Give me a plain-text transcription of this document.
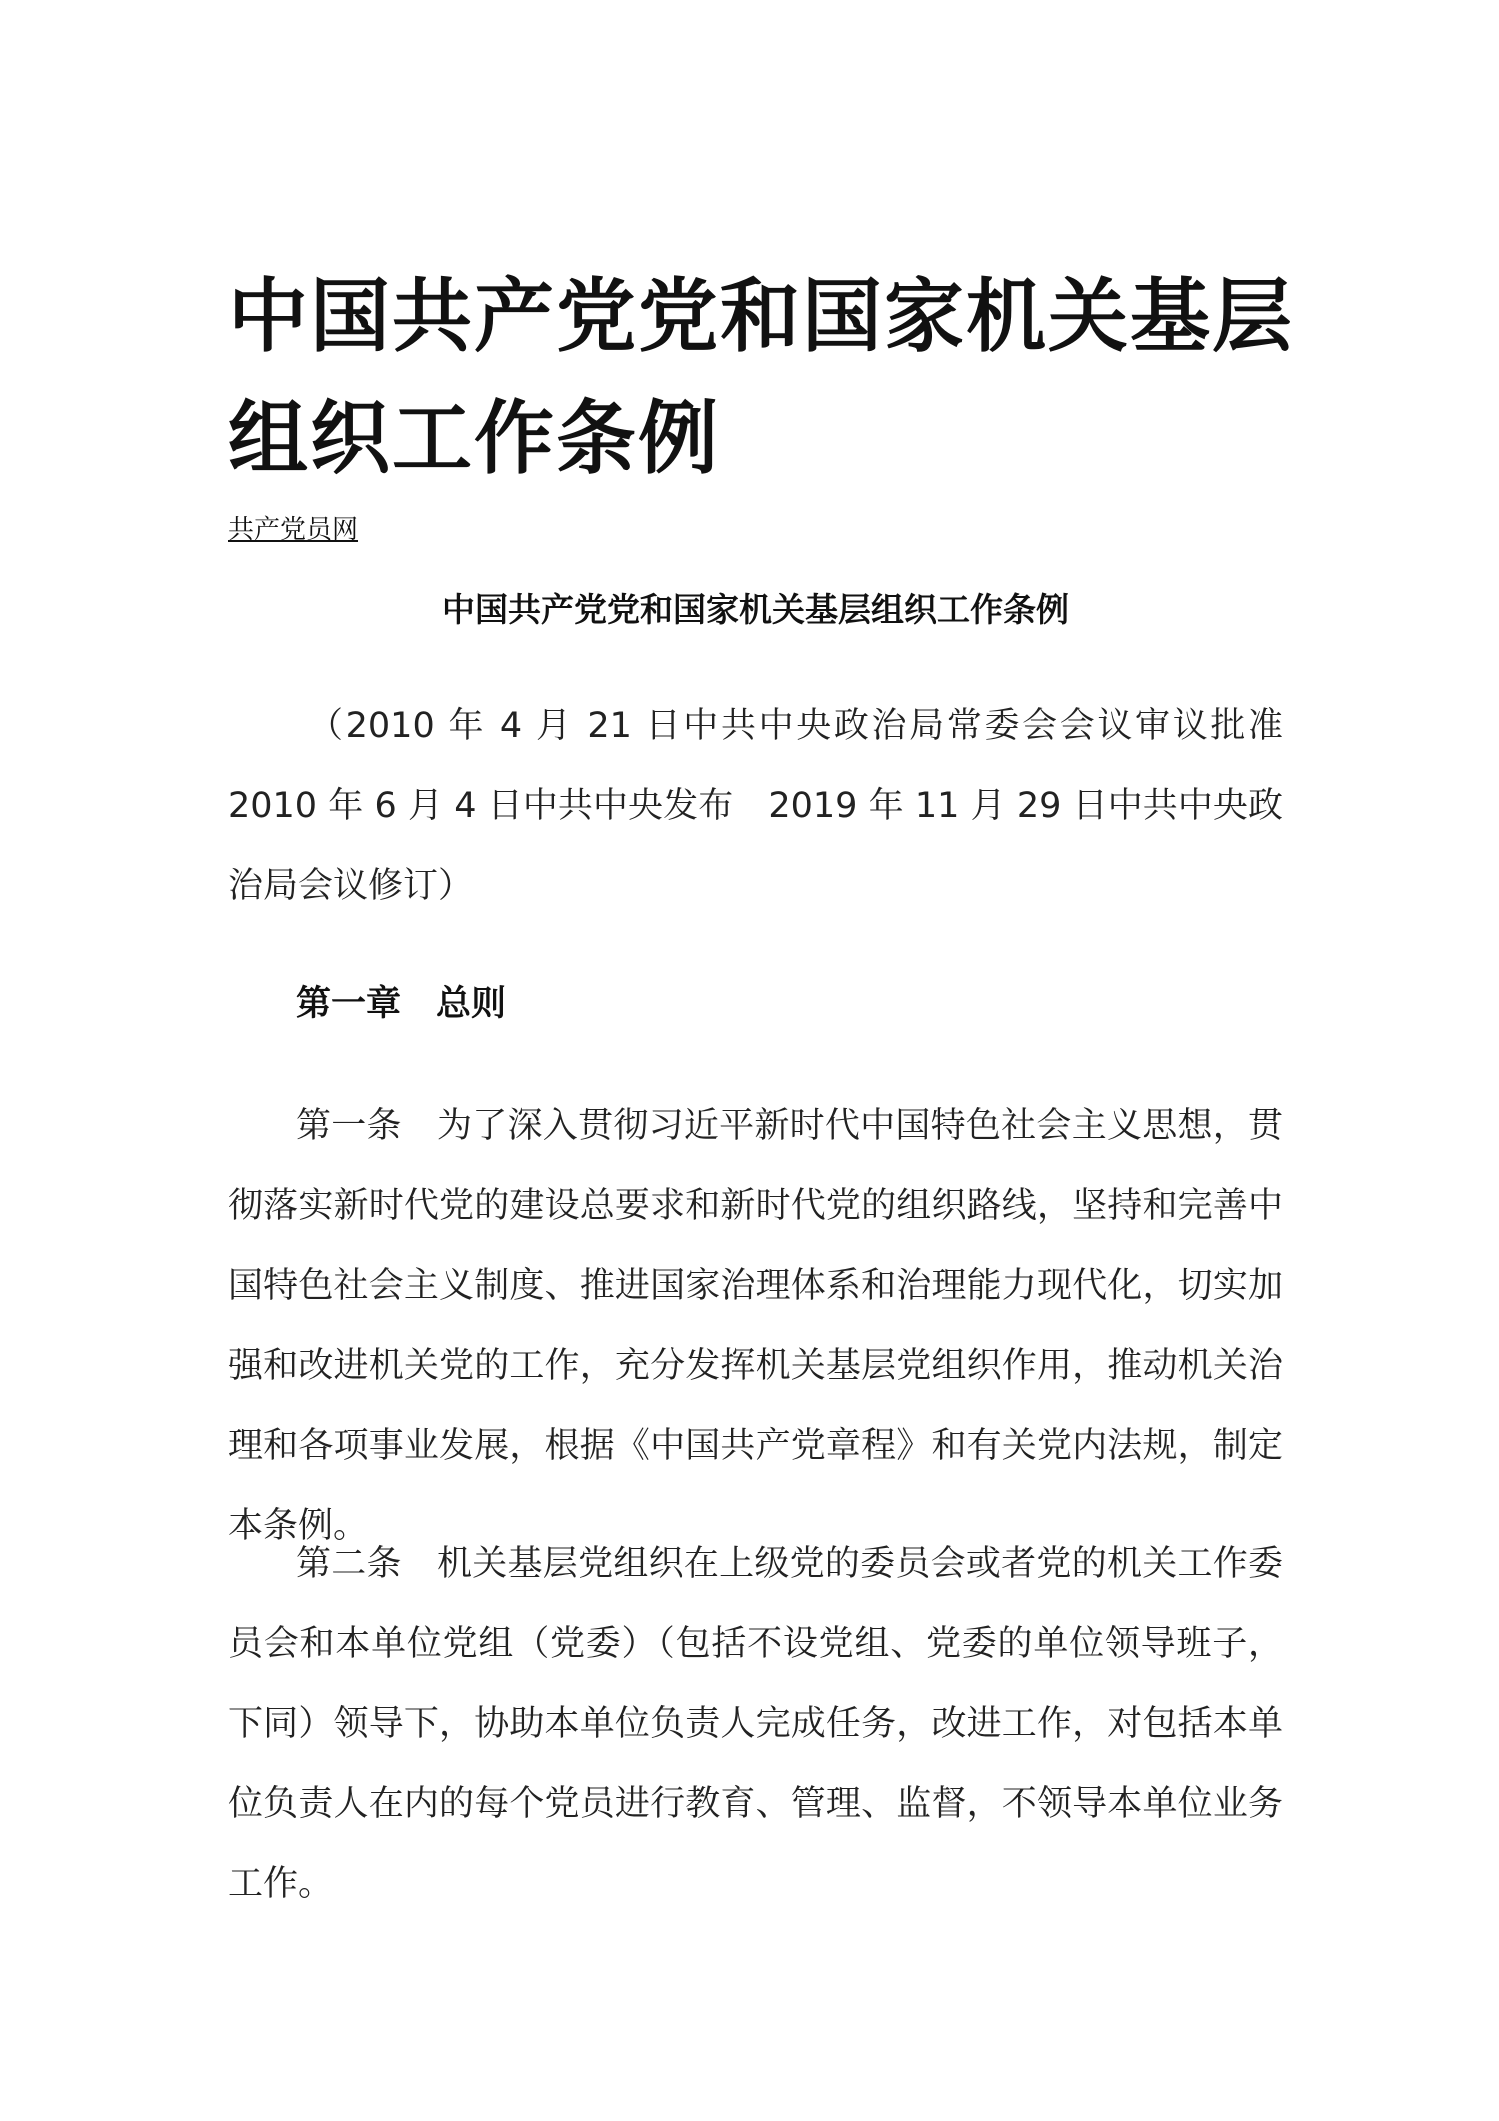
中国共产党党和国家机关基层组织工作条例
共产党员网
中国共产党党和国家机关基层组织工作条例

（2010 年 4 月 21 日中共中央政治局常委会会议审议批准　2010 年 6 月 4 日中共中央发布　2019 年 11 月 29 日中共中央政治局会议修订）

第一章　总则

第一条　为了深入贯彻习近平新时代中国特色社会主义思想，贯彻落实新时代党的建设总要求和新时代党的组织路线，坚持和完善中国特色社会主义制度、推进国家治理体系和治理能力现代化，切实加强和改进机关党的工作，充分发挥机关基层党组织作用，推动机关治理和各项事业发展，根据《中国共产党章程》和有关党内法规，制定本条例。

第二条　机关基层党组织在上级党的委员会或者党的机关工作委员会和本单位党组（党委）（包括不设党组、党委的单位领导班子，下同）领导下，协助本单位负责人完成任务，改进工作，对包括本单位负责人在内的每个党员进行教育、管理、监督，不领导本单位业务工作。
